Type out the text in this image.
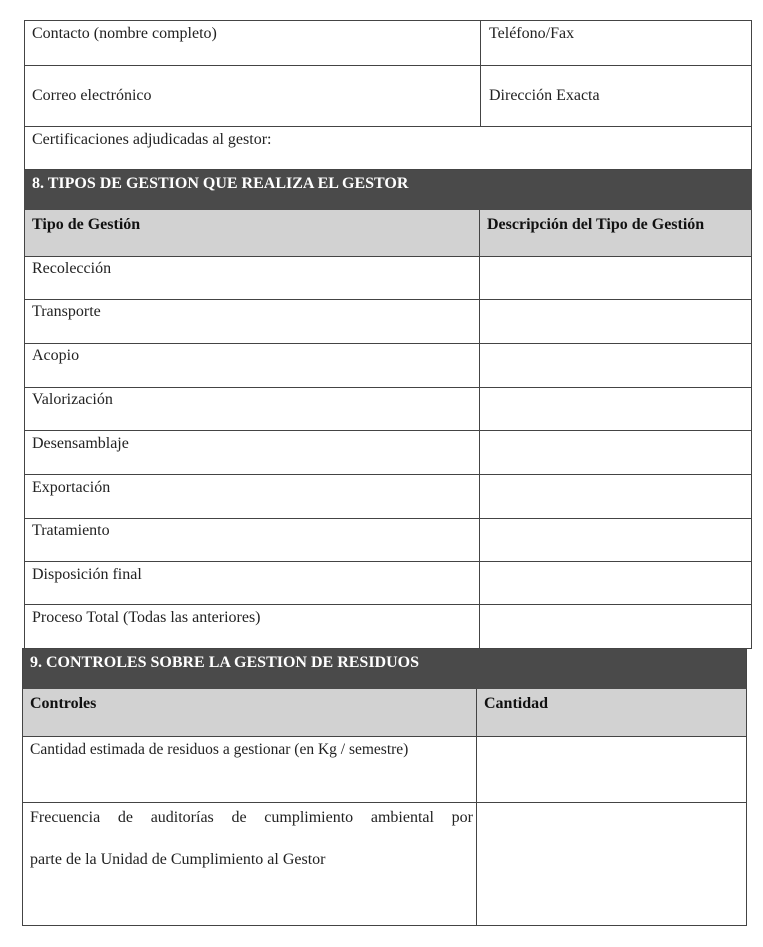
Contacto (nombre completo)	Teléfono/Fax
Correo electrónico	Dirección Exacta
Certificaciones adjudicadas al gestor:
8. TIPOS DE GESTION QUE REALIZA EL GESTOR
Tipo de Gestión	Descripción del Tipo de Gestión
Recolección
Transporte
Acopio
Valorización
Desensamblaje
Exportación
Tratamiento
Disposición final
Proceso Total (Todas las anteriores)
9. CONTROLES SOBRE LA GESTION DE RESIDUOS
Controles	Cantidad
Cantidad estimada de residuos a gestionar (en Kg / semestre)
Frecuencia de auditorías de cumplimiento ambiental por
parte de la Unidad de Cumplimiento al Gestor
